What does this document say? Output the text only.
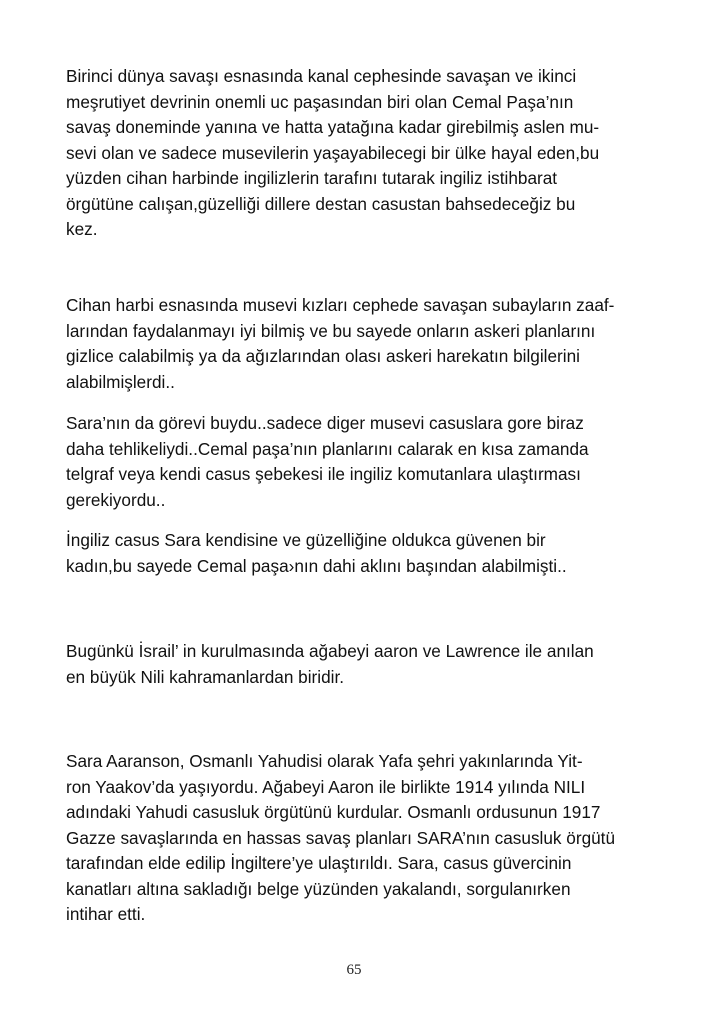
Birinci dünya savaşı esnasında kanal cephesinde savaşan ve ikinci
meşrutiyet devrinin onemli uc paşasından biri olan Cemal Paşa’nın
savaş doneminde yanına ve hatta yatağına kadar girebilmiş aslen mu-
sevi olan ve sadece musevilerin yaşayabilecegi bir ülke hayal eden,bu
yüzden cihan harbinde ingilizlerin tarafını tutarak ingiliz istihbarat
örgütüne calışan,güzelliği dillere destan casustan bahsedeceğiz bu
kez.

Cihan harbi esnasında musevi kızları cephede savaşan subayların zaaf-
larından faydalanmayı iyi bilmiş ve bu sayede onların askeri planlarını
gizlice calabilmiş ya da ağızlarından olası askeri harekatın bilgilerini
alabilmişlerdi..

Sara’nın da görevi buydu..sadece diger musevi casuslara gore biraz
daha tehlikeliydi..Cemal paşa’nın planlarını calarak en kısa zamanda
telgraf veya kendi casus şebekesi ile ingiliz komutanlara ulaştırması
gerekiyordu..

İngiliz casus Sara kendisine ve güzelliğine oldukca güvenen bir
kadın,bu sayede Cemal paşa›nın dahi aklını başından alabilmişti..

Bugünkü İsrail’ in kurulmasında ağabeyi aaron ve Lawrence ile anılan
en büyük Nili kahramanlardan biridir.

Sara Aaranson, Osmanlı Yahudisi olarak Yafa şehri yakınlarında Yit-
ron Yaakov’da yaşıyordu. Ağabeyi Aaron ile birlikte 1914 yılında NILI
adındaki Yahudi casusluk örgütünü kurdular. Osmanlı ordusunun 1917
Gazze savaşlarında en hassas savaş planları SARA’nın casusluk örgütü
tarafından elde edilip İngiltere’ye ulaştırıldı. Sara, casus güvercinin
kanatları altına sakladığı belge yüzünden yakalandı, sorgulanırken
intihar etti.

65
